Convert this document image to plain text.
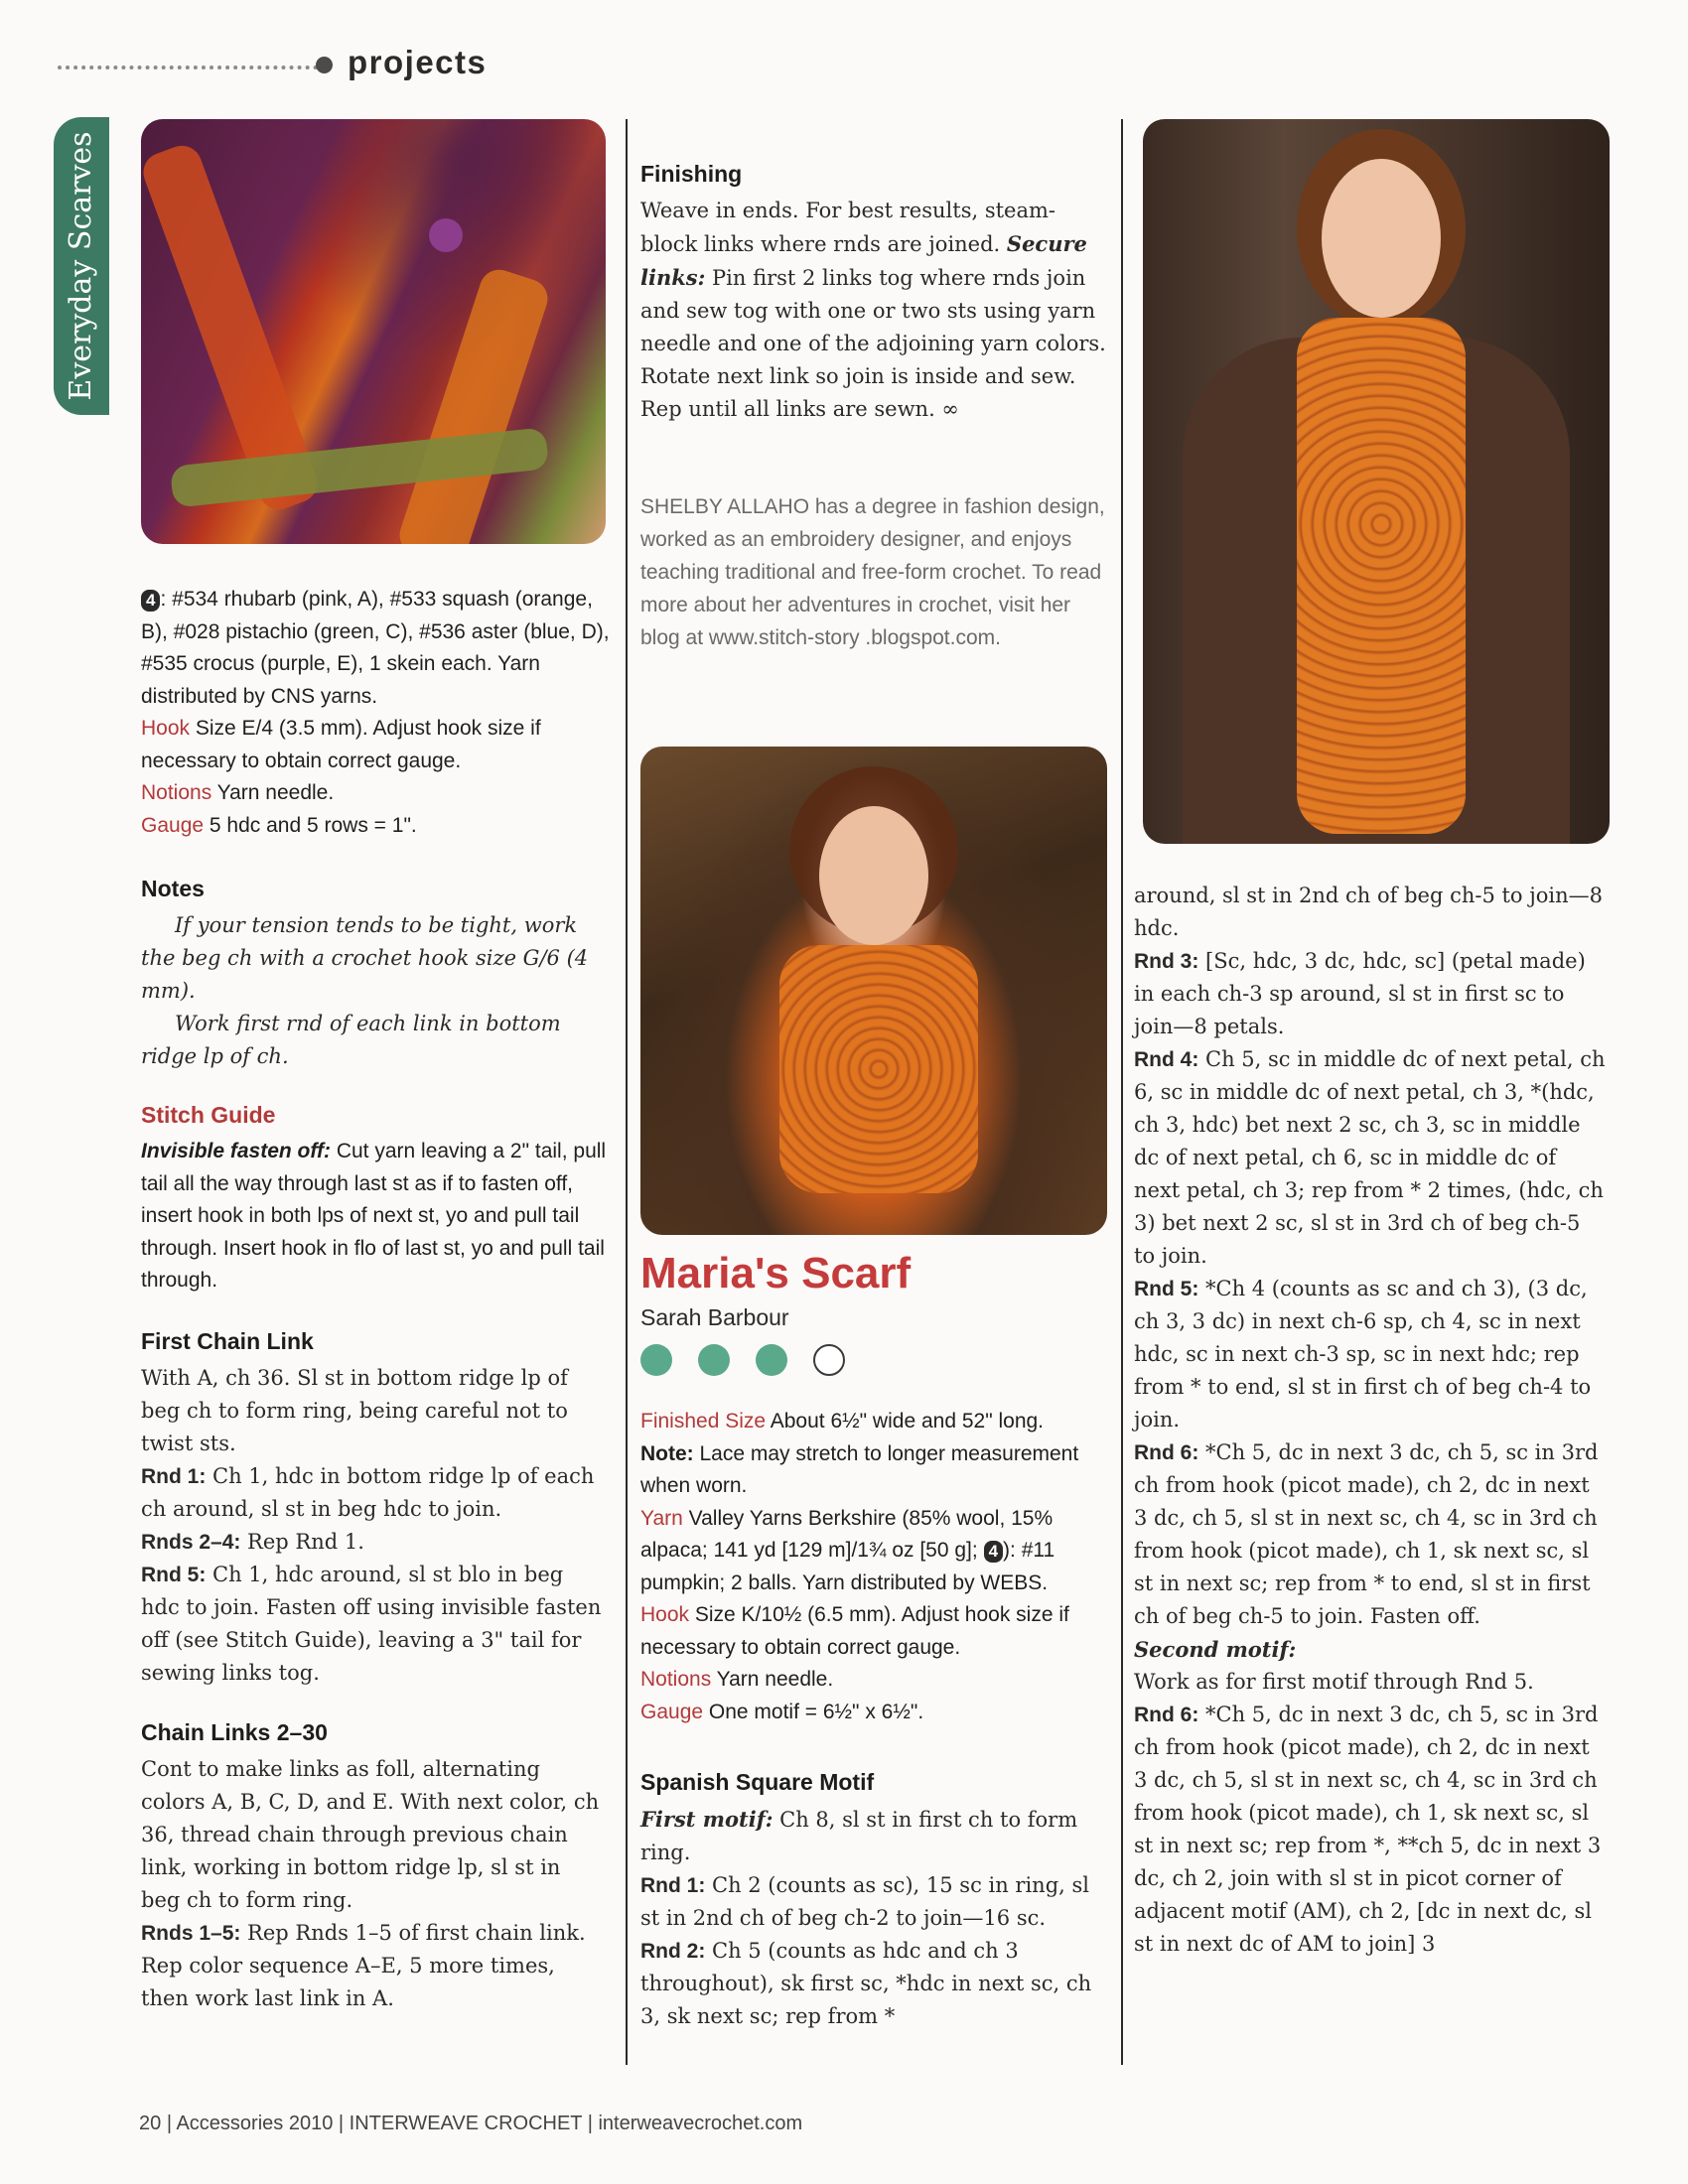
projects
Everyday Scarves
4 : #534 rhubarb (pink, A), #533 squash (orange, B), #028 pistachio (green, C), #536 aster (blue, D), #535 crocus (purple, E), 1 skein each. Yarn distributed by CNS yarns.
Hook Size E/4 (3.5 mm). Adjust hook size if necessary to obtain correct gauge.
Notions Yarn needle.
Gauge 5 hdc and 5 rows = 1".
Notes
If your tension tends to be tight, work the beg ch with a crochet hook size G/6 (4 mm).
Work first rnd of each link in bottom ridge lp of ch.
Stitch Guide
Invisible fasten off: Cut yarn leaving a 2" tail, pull tail all the way through last st as if to fasten off, insert hook in both lps of next st, yo and pull tail through. Insert hook in flo of last st, yo and pull tail through.
First Chain Link
With A, ch 36. Sl st in bottom ridge lp of beg ch to form ring, being careful not to twist sts.
Rnd 1: Ch 1, hdc in bottom ridge lp of each ch around, sl st in beg hdc to join.
Rnds 2–4: Rep Rnd 1.
Rnd 5: Ch 1, hdc around, sl st blo in beg hdc to join. Fasten off using invisible fasten off (see Stitch Guide), leaving a 3" tail for sewing links tog.
Chain Links 2–30
Cont to make links as foll, alternating colors A, B, C, D, and E. With next color, ch 36, thread chain through previous chain link, working in bottom ridge lp, sl st in beg ch to form ring.
Rnds 1–5: Rep Rnds 1–5 of first chain link.
Rep color sequence A–E, 5 more times, then work last link in A.
Finishing
Weave in ends. For best results, steam-block links where rnds are joined. Secure links: Pin first 2 links tog where rnds join and sew tog with one or two sts using yarn needle and one of the adjoining yarn colors. Rotate next link so join is inside and sew. Rep until all links are sewn. ∞
SHELBY ALLAHO has a degree in fashion design, worked as an embroidery designer, and enjoys teaching traditional and free-form crochet. To read more about her adventures in crochet, visit her blog at www.stitch-story .blogspot.com.
Maria's Scarf
Sarah Barbour
Finished Size About 6½" wide and 52" long.
Note: Lace may stretch to longer measurement when worn.
Yarn Valley Yarns Berkshire (85% wool, 15% alpaca; 141 yd [129 m]/1¾ oz [50 g]; 4 ): #11 pumpkin; 2 balls. Yarn distributed by WEBS.
Hook Size K/10½ (6.5 mm). Adjust hook size if necessary to obtain correct gauge.
Notions Yarn needle.
Gauge One motif = 6½" x 6½".
Spanish Square Motif
First motif: Ch 8, sl st in first ch to form ring.
Rnd 1: Ch 2 (counts as sc), 15 sc in ring, sl st in 2nd ch of beg ch-2 to join—16 sc.
Rnd 2: Ch 5 (counts as hdc and ch 3 throughout), sk first sc, *hdc in next sc, ch 3, sk next sc; rep from *
around, sl st in 2nd ch of beg ch-5 to join—8 hdc.
Rnd 3: [Sc, hdc, 3 dc, hdc, sc] (petal made) in each ch-3 sp around, sl st in first sc to join—8 petals.
Rnd 4: Ch 5, sc in middle dc of next petal, ch 6, sc in middle dc of next petal, ch 3, *(hdc, ch 3, hdc) bet next 2 sc, ch 3, sc in middle dc of next petal, ch 6, sc in middle dc of next petal, ch 3; rep from * 2 times, (hdc, ch 3) bet next 2 sc, sl st in 3rd ch of beg ch-5 to join.
Rnd 5: *Ch 4 (counts as sc and ch 3), (3 dc, ch 3, 3 dc) in next ch-6 sp, ch 4, sc in next hdc, sc in next ch-3 sp, sc in next hdc; rep from * to end, sl st in first ch of beg ch-4 to join.
Rnd 6: *Ch 5, dc in next 3 dc, ch 5, sc in 3rd ch from hook (picot made), ch 2, dc in next 3 dc, ch 5, sl st in next sc, ch 4, sc in 3rd ch from hook (picot made), ch 1, sk next sc, sl st in next sc; rep from * to end, sl st in first ch of beg ch-5 to join. Fasten off.
Second motif:
Work as for first motif through Rnd 5.
Rnd 6: *Ch 5, dc in next 3 dc, ch 5, sc in 3rd ch from hook (picot made), ch 2, dc in next 3 dc, ch 5, sl st in next sc, ch 4, sc in 3rd ch from hook (picot made), ch 1, sk next sc, sl st in next sc; rep from *, **ch 5, dc in next 3 dc, ch 2, join with sl st in picot corner of adjacent motif (AM), ch 2, [dc in next dc, sl st in next dc of AM to join] 3
20 | Accessories 2010 | INTERWEAVE CROCHET | interweavecrochet.com
